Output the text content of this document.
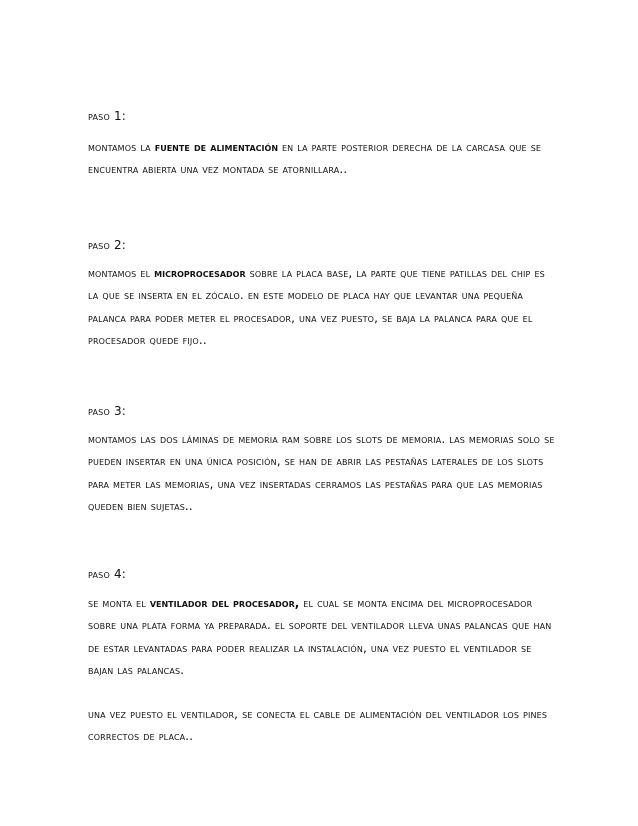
paso 1:
montamos la fuente de alimentación en la parte posterior derecha de la carcasa que se encuentra abierta una vez montada se atornillara..
paso 2:
montamos el microprocesador sobre la placa base, la parte que tiene patillas del chip es la que se inserta en el zócalo. en este modelo de placa hay que levantar una pequeña palanca para poder meter el procesador, una vez puesto, se baja la palanca para que el procesador quede fijo..
paso 3:
montamos las dos láminas de memoria ram sobre los slots de memoria. las memorias solo se pueden insertar en una única posición, se han de abrir las pestañas laterales de los slots para meter las memorias, una vez insertadas cerramos las pestañas para que las memorias queden bien sujetas..
paso 4:
se monta el ventilador del procesador, el cual se monta encima del microprocesador sobre una plata forma ya preparada. el soporte del ventilador lleva unas palancas que han de estar levantadas para poder realizar la instalación, una vez puesto el ventilador se bajan las palancas.
una vez puesto el ventilador, se conecta el cable de alimentación del ventilador los pines correctos de placa..
